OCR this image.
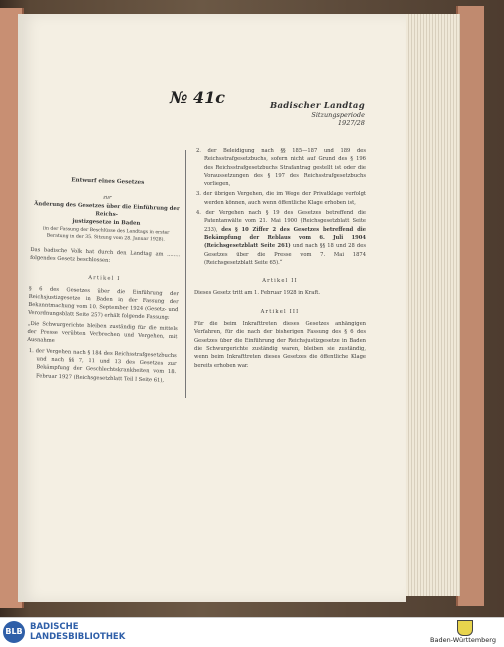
№ 41c	Badischer Landtag
Sitzungsperiode
1927/28
Entwurf eines Gesetzes
zur
Änderung des Gesetzes über die Einführung der Reichs-
justizgesetze in Baden
(in der Fassung der Beschlüsse des Landtags in erster
Beratung in der 35. Sitzung vom 28. Januar 1928).

Das badische Volk hat durch den Landtag am ........ folgendes Gesetz beschlossen:

Artikel I

§ 6 des Gesetzes über die Einführung der Reichsjustizgesetze in Baden in der Fassung der Bekanntmachung vom 10. September 1924 (Gesetz- und Verordnungsblatt Seite 257) erhält folgende Fassung:

„Die Schwurgerichte bleiben zuständig für die mittels der Presse verübten Verbrechen und Vergehen, mit Ausnahme

1. der Vergehen nach § 184 des Reichsstrafgesetzbuchs und nach §§ 7, 11 und 13 des Gesetzes zur Bekämpfung der Geschlechtskrankheiten vom 18. Februar 1927 (Reichsgesetzblatt Teil I Seite 61),

2. der Beleidigung nach §§ 185—187 und 189 des Reichsstrafgesetzbuchs, sofern nicht auf Grund des § 196 des Reichsstrafgesetzbuchs Strafantrag gestellt ist oder die Voraussetzungen des § 197 des Reichsstrafgesetzbuchs vorliegen,

3. der übrigen Vergehen, die im Wege der Privatklage verfolgt werden können, auch wenn öffentliche Klage erhoben ist,

4. der Vergehen nach § 19 des Gesetzes betreffend die Patentanwälte vom 21. Mai 1900 (Reichsgesetzblatt Seite 233), des § 10 Ziffer 2 des Gesetzes betreffend die Bekämpfung der Reblaus vom 6. Juli 1904 (Reichsgesetzblatt Seite 261) und nach §§ 18 und 28 des Gesetzes über die Presse vom 7. Mai 1874 (Reichsgesetzblatt Seite 65).“

Artikel II

Dieses Gesetz tritt am 1. Februar 1928 in Kraft.

Artikel III

Für die beim Inkrafttreten dieses Gesetzes anhängigen Verfahren, für die nach der bisherigen Fassung des § 6 des Gesetzes über die Einführung der Reichsjustizgesetze in Baden die Schwurgerichte zuständig waren, bleiben sie zuständig, wenn beim Inkrafttreten dieses Gesetzes die öffentliche Klage bereits erhoben war.

BLB BADISCHE
LANDESBIBLIOTHEK	Baden-Württemberg
